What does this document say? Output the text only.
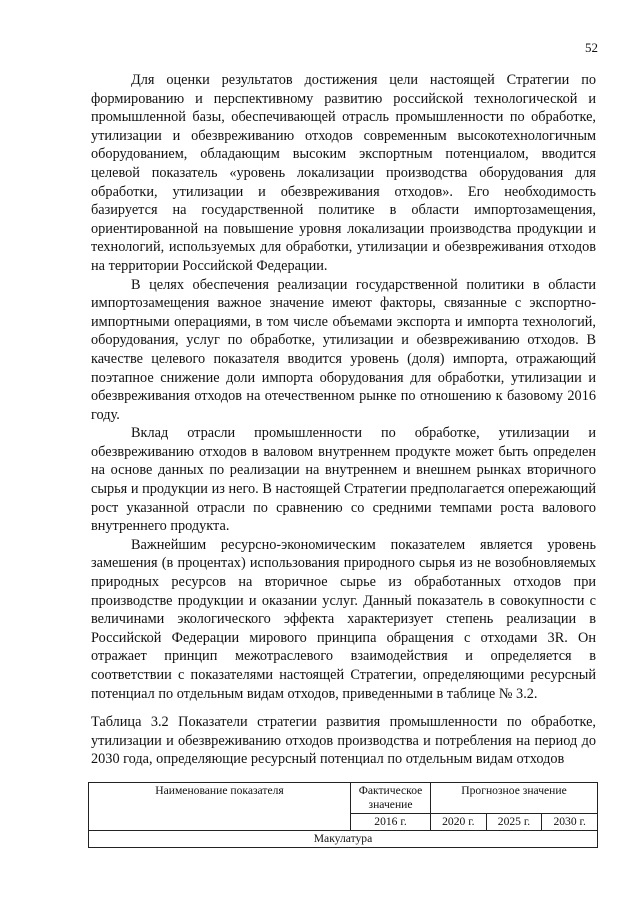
52

Для оценки результатов достижения цели настоящей Стратегии по формированию и перспективному развитию российской технологической и промышленной базы, обеспечивающей отрасль промышленности по обработке, утилизации и обезвреживанию отходов современным высокотехнологичным оборудованием, обладающим высоким экспортным потенциалом, вводится целевой показатель «уровень локализации производства оборудования для обработки, утилизации и обезвреживания отходов». Его необходимость базируется на государственной политике в области импортозамещения, ориентированной на повышение уровня локализации производства продукции и технологий, используемых для обработки, утилизации и обезвреживания отходов на территории Российской Федерации.

В целях обеспечения реализации государственной политики в области импортозамещения важное значение имеют факторы, связанные с экспортно-импортными операциями, в том числе объемами экспорта и импорта технологий, оборудования, услуг по обработке, утилизации и обезвреживанию отходов. В качестве целевого показателя вводится уровень (доля) импорта, отражающий поэтапное снижение доли импорта оборудования для обработки, утилизации и обезвреживания отходов на отечественном рынке по отношению к базовому 2016 году.

Вклад отрасли промышленности по обработке, утилизации и обезвреживанию отходов в валовом внутреннем продукте может быть определен на основе данных по реализации на внутреннем и внешнем рынках вторичного сырья и продукции из него. В настоящей Стратегии предполагается опережающий рост указанной отрасли по сравнению со средними темпами роста валового внутреннего продукта.

Важнейшим ресурсно-экономическим показателем является уровень замешения (в процентах) использования природного сырья из не возобновляемых природных ресурсов на вторичное сырье из обработанных отходов при производстве продукции и оказании услуг. Данный показатель в совокупности с величинами экологического эффекта характеризует степень реализации в Российской Федерации мирового принципа обращения с отходами 3R. Он отражает принцип межотраслевого взаимодействия и определяется в соответствии с показателями настоящей Стратегии, определяющими ресурсный потенциал по отдельным видам отходов, приведенными в таблице № 3.2.

Таблица 3.2 Показатели стратегии развития промышленности по обработке, утилизации и обезвреживанию отходов производства и потребления на период до 2030 года, определяющие ресурсный потенциал по отдельным видам отходов

Наименование показателя	Фактическое значение	Прогнозное значение		
	2016 г.	2020 г.	2025 г.	2030 г.
Макулатура				
